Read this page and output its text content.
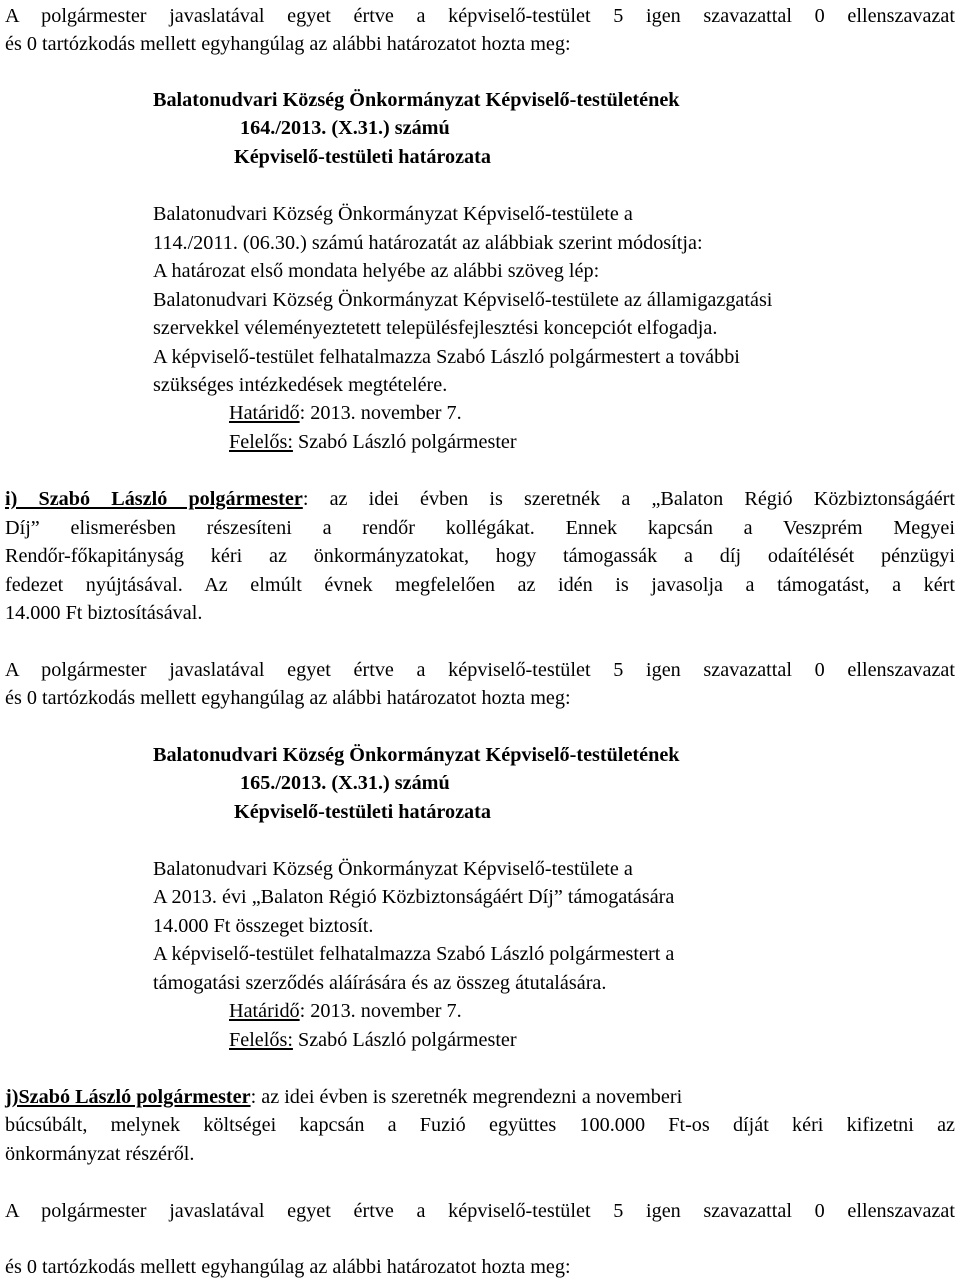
A polgármester javaslatával egyet értve a képviselő-testület 5 igen szavazattal 0 ellenszavazat

és 0 tartózkodás mellett egyhangúlag az alábbi határozatot hozta meg:

Balatonudvari Község Önkormányzat Képviselő-testületének

164./2013. (X.31.) számú

Képviselő-testületi határozata

Balatonudvari Község Önkormányzat Képviselő-testülete a

114./2011. (06.30.) számú határozatát az alábbiak szerint módosítja:

A határozat első mondata helyébe az alábbi szöveg lép:

Balatonudvari Község Önkormányzat Képviselő-testülete az államigazgatási

szervekkel véleményeztetett településfejlesztési koncepciót elfogadja.

A képviselő-testület felhatalmazza Szabó László polgármestert a további

szükséges intézkedések megtételére.

Határidő: 2013. november 7.

Felelős: Szabó László polgármester

i) Szabó László polgármester: az idei évben is szeretnék a „Balaton Régió Közbiztonságáért

Díj” elismerésben részesíteni a rendőr kollégákat. Ennek kapcsán a Veszprém Megyei

Rendőr-főkapitányság kéri az önkormányzatokat, hogy támogassák a díj odaítélését pénzügyi

fedezet nyújtásával. Az elmúlt évnek megfelelően az idén is javasolja a támogatást, a kért

14.000 Ft biztosításával.

A polgármester javaslatával egyet értve a képviselő-testület 5 igen szavazattal 0 ellenszavazat

és 0 tartózkodás mellett egyhangúlag az alábbi határozatot hozta meg:

Balatonudvari Község Önkormányzat Képviselő-testületének

165./2013. (X.31.) számú

Képviselő-testületi határozata

Balatonudvari Község Önkormányzat Képviselő-testülete a

A 2013. évi „Balaton Régió Közbiztonságáért Díj” támogatására

14.000 Ft összeget biztosít.

A képviselő-testület felhatalmazza Szabó László polgármestert a

támogatási szerződés aláírására és az összeg átutalására.

Határidő: 2013. november 7.

Felelős: Szabó László polgármester

j)Szabó László polgármester: az idei évben is szeretnék megrendezni a novemberi

búcsúbált, melynek költségei kapcsán a Fuzió együttes 100.000 Ft-os díját kéri kifizetni az

önkormányzat részéről.

A polgármester javaslatával egyet értve a képviselő-testület 5 igen szavazattal 0 ellenszavazat

és 0 tartózkodás mellett egyhangúlag az alábbi határozatot hozta meg:
